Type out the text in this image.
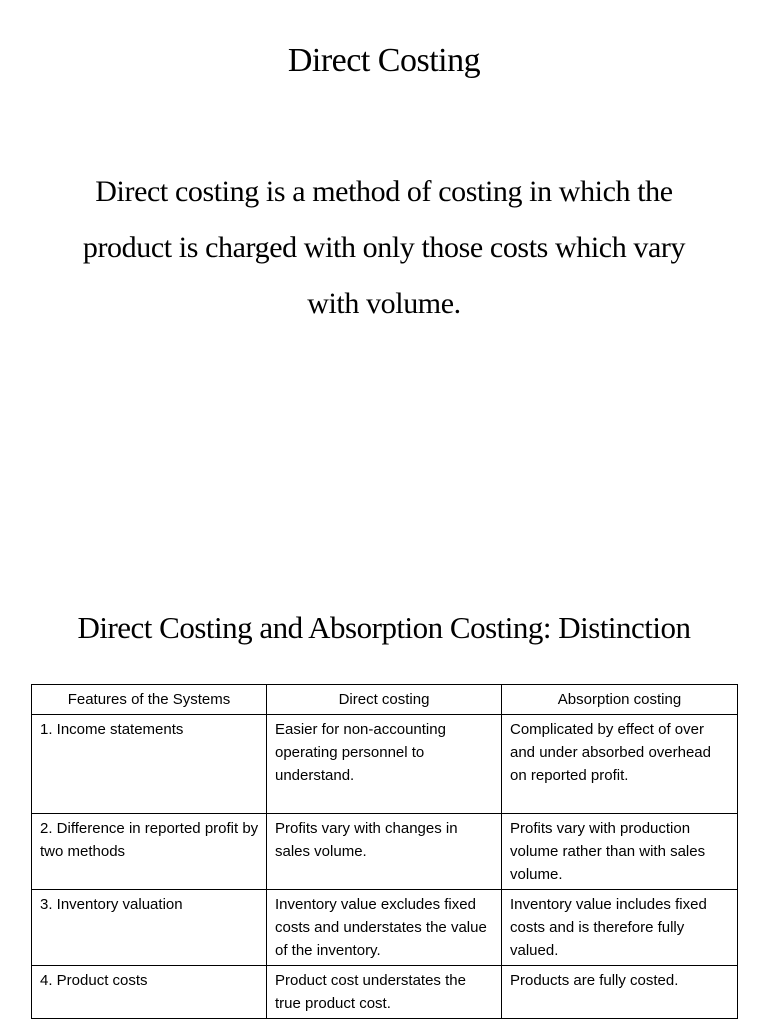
Direct Costing

Direct costing is a method of costing in which the product is charged with only those costs which vary with volume.

Direct Costing and Absorption Costing: Distinction
Features of the Systems	Direct costing	Absorption costing
1. Income statements	Easier for non-accounting operating personnel to understand.	Complicated by effect of over and under absorbed overhead on reported profit.
2. Difference in reported profit by two methods	Profits vary with changes in sales volume.	Profits vary with production volume rather than with sales volume.
3. Inventory valuation	Inventory value excludes fixed costs and understates the value of the inventory.	Inventory value includes fixed costs and is therefore fully valued.
4. Product costs	Product cost understates the true product cost.	Products are fully costed.
